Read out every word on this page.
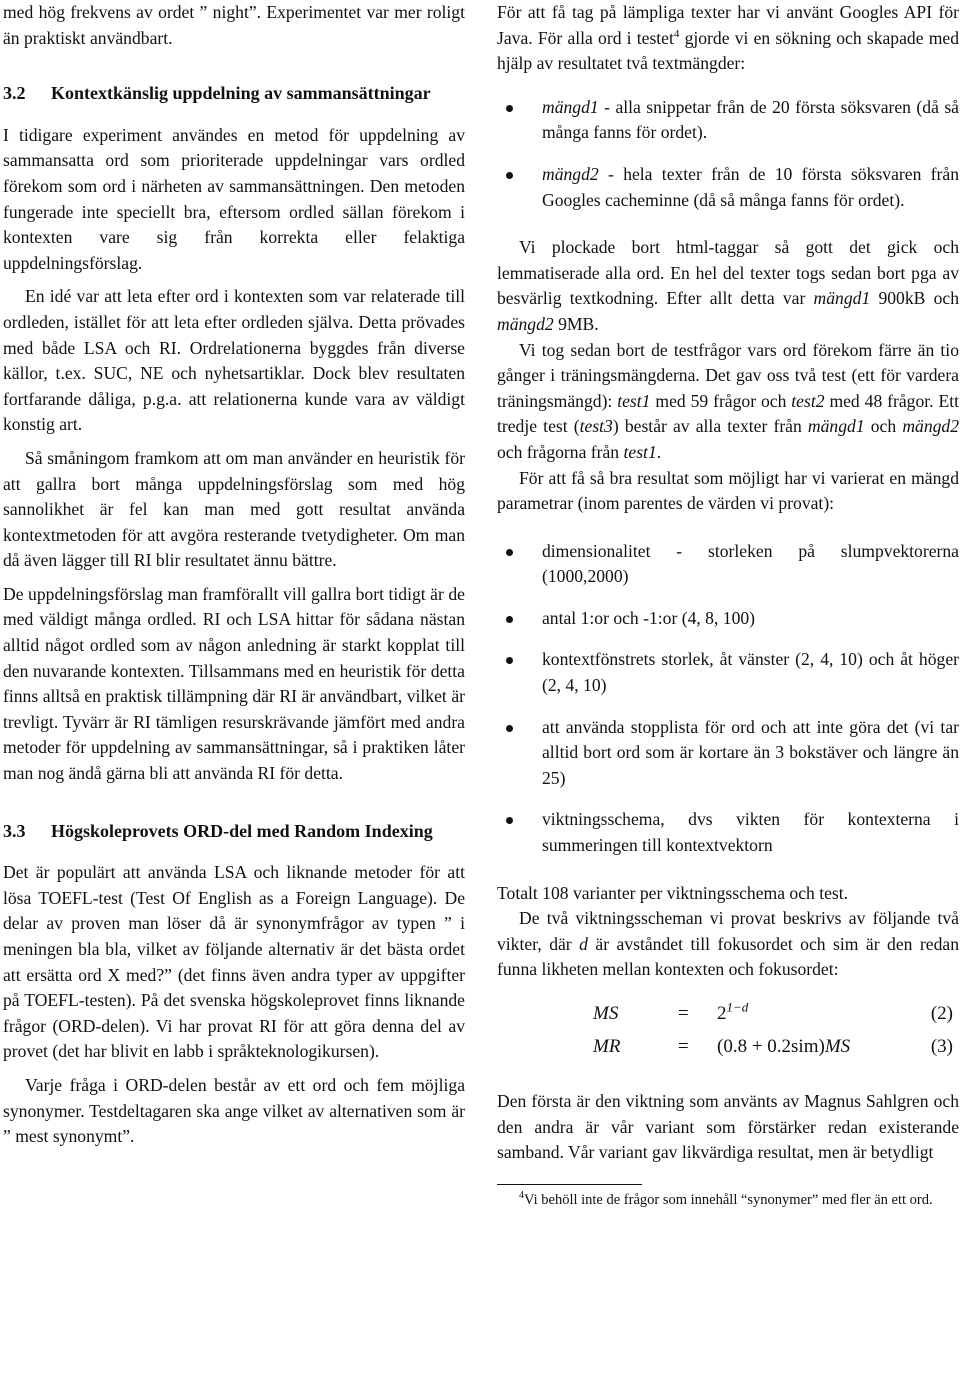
med hög frekvens av ordet ” night”. Experimentet var mer roligt än praktiskt användbart.

3.2	Kontextkänslig uppdelning av sammansättningar

I tidigare experiment användes en metod för uppdelning av sammansatta ord som prioriterade uppdelningar vars ordled förekom som ord i närheten av sammansättningen. Den metoden fungerade inte speciellt bra, eftersom ordled sällan förekom i kontexten vare sig från korrekta eller felaktiga uppdelningsförslag.

En idé var att leta efter ord i kontexten som var relaterade till ordleden, istället för att leta efter ordleden själva. Detta prövades med både LSA och RI. Ordrelationerna byggdes från diverse källor, t.ex. SUC, NE och nyhetsartiklar. Dock blev resultaten fortfarande dåliga, p.g.a. att relationerna kunde vara av väldigt konstig art.

Så småningom framkom att om man använder en heuristik för att gallra bort många uppdelningsförslag som med hög sannolikhet är fel kan man med gott resultat använda kontextmetoden för att avgöra resterande tvetydigheter. Om man då även lägger till RI blir resultatet ännu bättre.

De uppdelningsförslag man framförallt vill gallra bort tidigt är de med väldigt många ordled. RI och LSA hittar för sådana nästan alltid något ordled som av någon anledning är starkt kopplat till den nuvarande kontexten. Tillsammans med en heuristik för detta finns alltså en praktisk tillämpning där RI är användbart, vilket är trevligt. Tyvärr är RI tämligen resurskrävande jämfört med andra metoder för uppdelning av sammansättningar, så i praktiken låter man nog ändå gärna bli att använda RI för detta.

3.3	Högskoleprovets ORD-del med Random Indexing

Det är populärt att använda LSA och liknande metoder för att lösa TOEFL-test (Test Of English as a Foreign Language). De delar av proven man löser då är synonymfrågor av typen ” i meningen bla bla, vilket av följande alternativ är det bästa ordet att ersätta ord X med?” (det finns även andra typer av uppgifter på TOEFL-testen). På det svenska högskoleprovet finns liknande frågor (ORD-delen). Vi har provat RI för att göra denna del av provet (det har blivit en labb i språkteknologikursen).

Varje fråga i ORD-delen består av ett ord och fem möjliga synonymer. Testdeltagaren ska ange vilket av alternativen som är ” mest synonymt”.

För att få tag på lämpliga texter har vi använt Googles API för Java. För alla ord i testet$^4$ gjorde vi en sökning och skapade med hjälp av resultatet två textmängder:

mängd1 - alla snippetar från de 20 första söksvaren (då så många fanns för ordet).
mängd2 - hela texter från de 10 första söksvaren från Googles cacheminne (då så många fanns för ordet).

Vi plockade bort html-taggar så gott det gick och lemmatiserade alla ord. En hel del texter togs sedan bort pga av besvärlig textkodning. Efter allt detta var mängd1 900kB och mängd2 9MB.

Vi tog sedan bort de testfrågor vars ord förekom färre än tio gånger i träningsmängderna. Det gav oss två test (ett för vardera träningsmängd): test1 med 59 frågor och test2 med 48 frågor. Ett tredje test (test3) består av alla texter från mängd1 och mängd2 och frågorna från test1.

För att få så bra resultat som möjligt har vi varierat en mängd parametrar (inom parentes de värden vi provat):

dimensionalitet - storleken på slumpvektorerna (1000,2000)
antal 1:or och -1:or (4, 8, 100)
kontextfönstrets storlek, åt vänster (2, 4, 10) och åt höger (2, 4, 10)
att använda stopplista för ord och att inte göra det (vi tar alltid bort ord som är kortare än 3 bokstäver och längre än 25)
viktningsschema, dvs vikten för kontexterna i summeringen till kontextvektorn

Totalt 108 varianter per viktningsschema och test.

De två viktningsscheman vi provat beskrivs av följande två vikter, där d är avståndet till fokusordet och sim är den redan funna likheten mellan kontexten och fokusordet:

MS	= $2^{1-d}$	(2)
MR	= (0.8 + 0.2sim)MS	(3)

Den första är den viktning som använts av Magnus Sahlgren och den andra är vår variant som förstärker redan existerande samband. Vår variant gav likvärdiga resultat, men är betydligt

$^4$Vi behöll inte de frågor som innehåll “synonymer” med fler än ett ord.
